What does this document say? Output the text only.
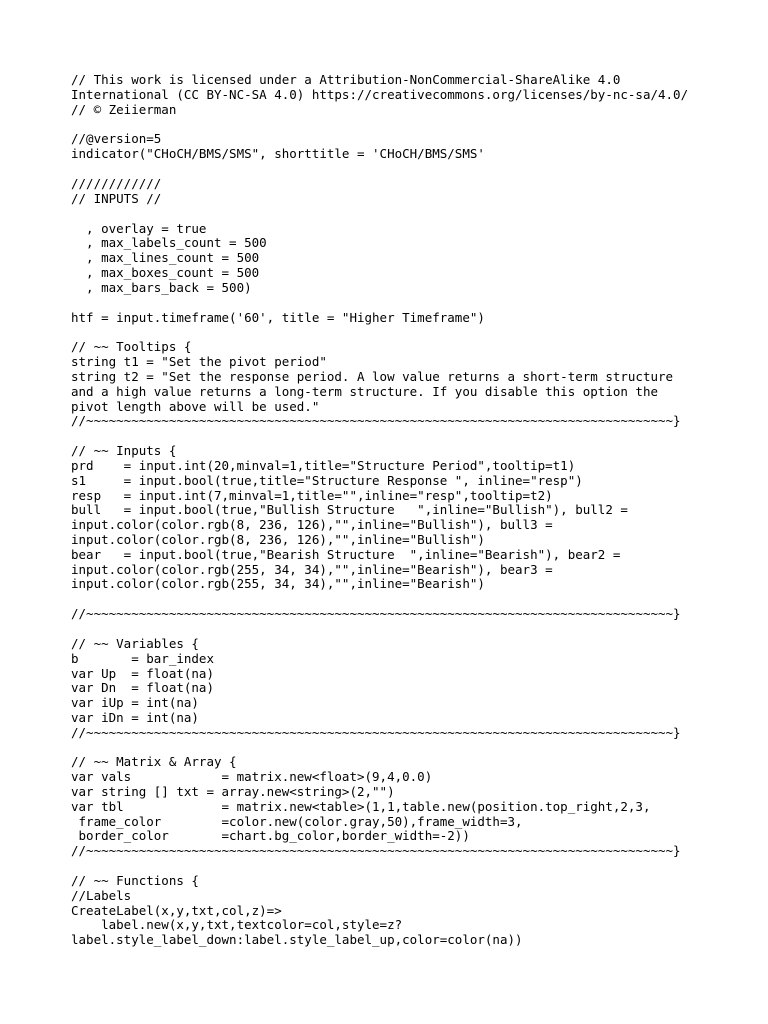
// This work is licensed under a Attribution-NonCommercial-ShareAlike 4.0
International (CC BY-NC-SA 4.0) https://creativecommons.org/licenses/by-nc-sa/4.0/
// © Zeiierman
//@version=5
indicator("CHoCH/BMS/SMS", shorttitle = 'CHoCH/BMS/SMS'
////////////
// INPUTS //
, overlay = true
, max_labels_count = 500
, max_lines_count = 500
, max_boxes_count = 500
, max_bars_back = 500)
htf = input.timeframe('60', title = "Higher Timeframe")
// ~~ Tooltips {
string t1 = "Set the pivot period"
string t2 = "Set the response period. A low value returns a short-term structure
and a high value returns a long-term structure. If you disable this option the
pivot length above will be used."
//~~~~~~~~~~~~~~~~~~~~~~~~~~~~~~~~~~~~~~~~~~~~~~~~~~~~~~~~~~~~~~~~~~~~~~~~~~~~~~}
// ~~ Inputs {
prd    = input.int(20,minval=1,title="Structure Period",tooltip=t1)
s1     = input.bool(true,title="Structure Response ", inline="resp")
resp   = input.int(7,minval=1,title="",inline="resp",tooltip=t2)
bull   = input.bool(true,"Bullish Structure   ",inline="Bullish"), bull2 =
input.color(color.rgb(8, 236, 126),"",inline="Bullish"), bull3 =
input.color(color.rgb(8, 236, 126),"",inline="Bullish")
bear   = input.bool(true,"Bearish Structure  ",inline="Bearish"), bear2 =
input.color(color.rgb(255, 34, 34),"",inline="Bearish"), bear3 =
input.color(color.rgb(255, 34, 34),"",inline="Bearish")
//~~~~~~~~~~~~~~~~~~~~~~~~~~~~~~~~~~~~~~~~~~~~~~~~~~~~~~~~~~~~~~~~~~~~~~~~~~~~~~}
// ~~ Variables {
b       = bar_index
var Up  = float(na)
var Dn  = float(na)
var iUp = int(na)
var iDn = int(na)
//~~~~~~~~~~~~~~~~~~~~~~~~~~~~~~~~~~~~~~~~~~~~~~~~~~~~~~~~~~~~~~~~~~~~~~~~~~~~~~}
// ~~ Matrix & Array {
var vals            = matrix.new<float>(9,4,0.0)
var string [] txt = array.new<string>(2,"")
var tbl             = matrix.new<table>(1,1,table.new(position.top_right,2,3,
frame_color        =color.new(color.gray,50),frame_width=3,
border_color       =chart.bg_color,border_width=-2))
//~~~~~~~~~~~~~~~~~~~~~~~~~~~~~~~~~~~~~~~~~~~~~~~~~~~~~~~~~~~~~~~~~~~~~~~~~~~~~~}
// ~~ Functions {
//Labels
CreateLabel(x,y,txt,col,z)=>
label.new(x,y,txt,textcolor=col,style=z?
label.style_label_down:label.style_label_up,color=color(na))
